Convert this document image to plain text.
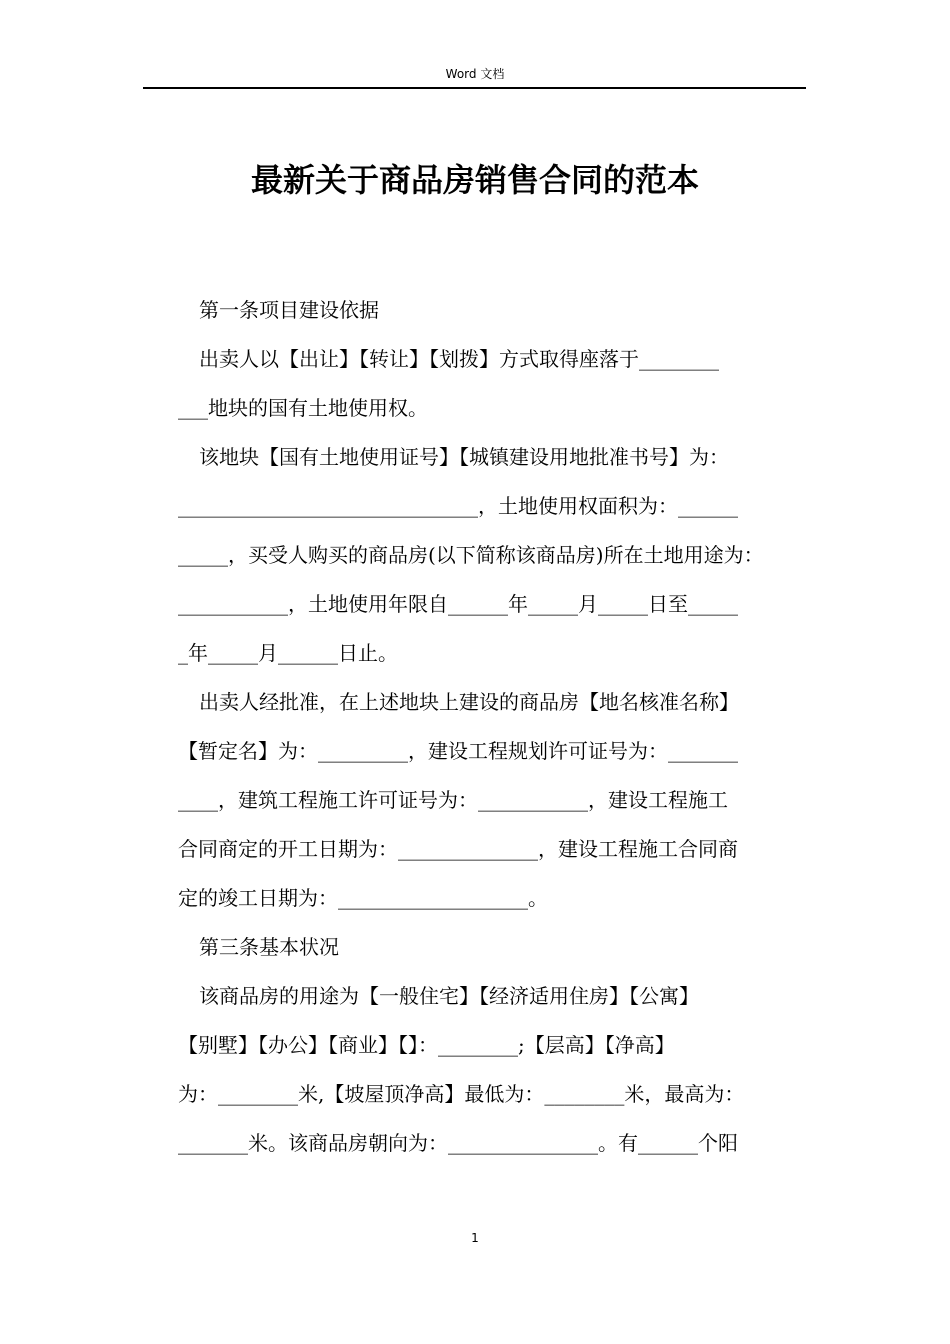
Word 文档
最新关于商品房销售合同的范本
第一条项目建设依据
出卖人以【出让】【转让】【划拨】方式取得座落于________
___地块的国有土地使用权。
该地块【国有土地使用证号】【城镇建设用地批准书号】为：
______________________________，土地使用权面积为：______
_____，买受人购买的商品房(以下简称该商品房)所在土地用途为：
___________，土地使用年限自______年_____月_____日至_____
_年_____月______日止。
出卖人经批准，在上述地块上建设的商品房【地名核准名称】
【暂定名】为：_________，建设工程规划许可证号为：_______
____，建筑工程施工许可证号为：___________，建设工程施工
合同商定的开工日期为：______________，建设工程施工合同商
定的竣工日期为：___________________。
第三条基本状况
该商品房的用途为【一般住宅】【经济适用住房】【公寓】
【别墅】【办公】【商业】【】：________;【层高】【净高】
为：________米,【坡屋顶净高】最低为：________米，最高为：
_______米。该商品房朝向为：_______________。有______个阳
1
